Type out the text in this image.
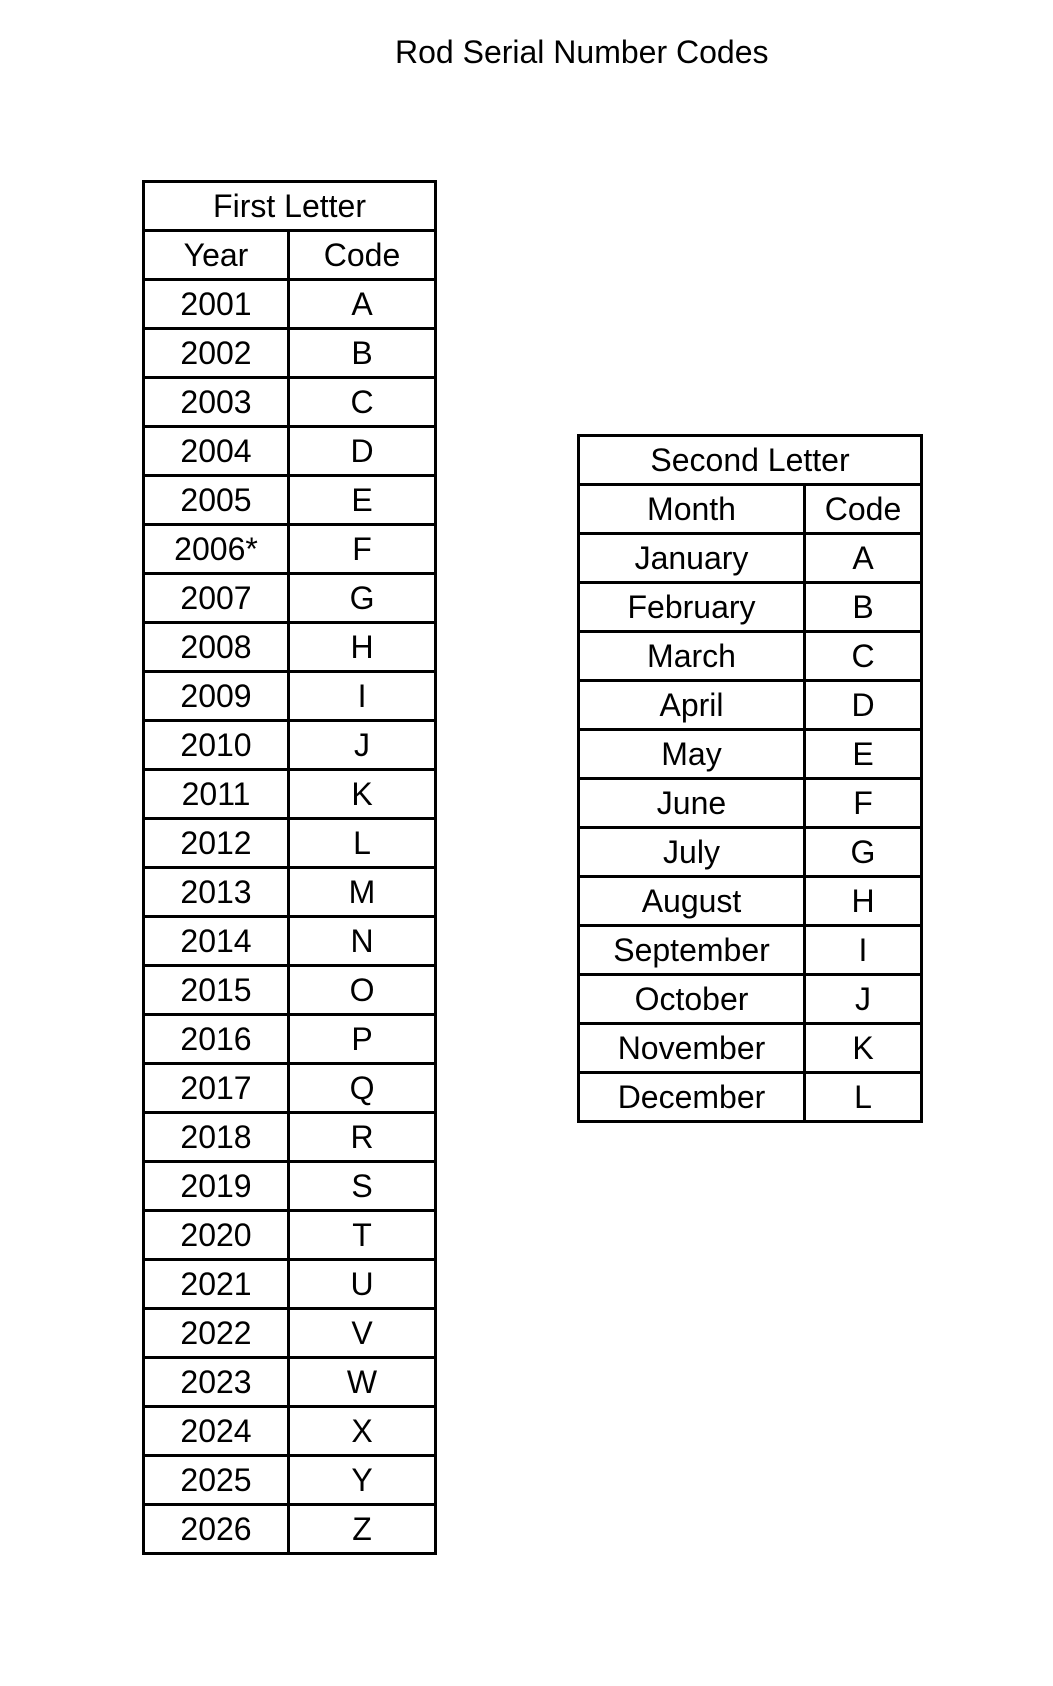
Rod Serial Number Codes
First Letter	
Year	Code
2001	A
2002	B
2003	C
2004	D
2005	E
2006*	F
2007	G
2008	H
2009	I
2010	J
2011	K
2012	L
2013	M
2014	N
2015	O
2016	P
2017	Q
2018	R
2019	S
2020	T
2021	U
2022	V
2023	W
2024	X
2025	Y
2026	Z
Second Letter	
Month	Code
January	A
February	B
March	C
April	D
May	E
June	F
July	G
August	H
September	I
October	J
November	K
December	L
